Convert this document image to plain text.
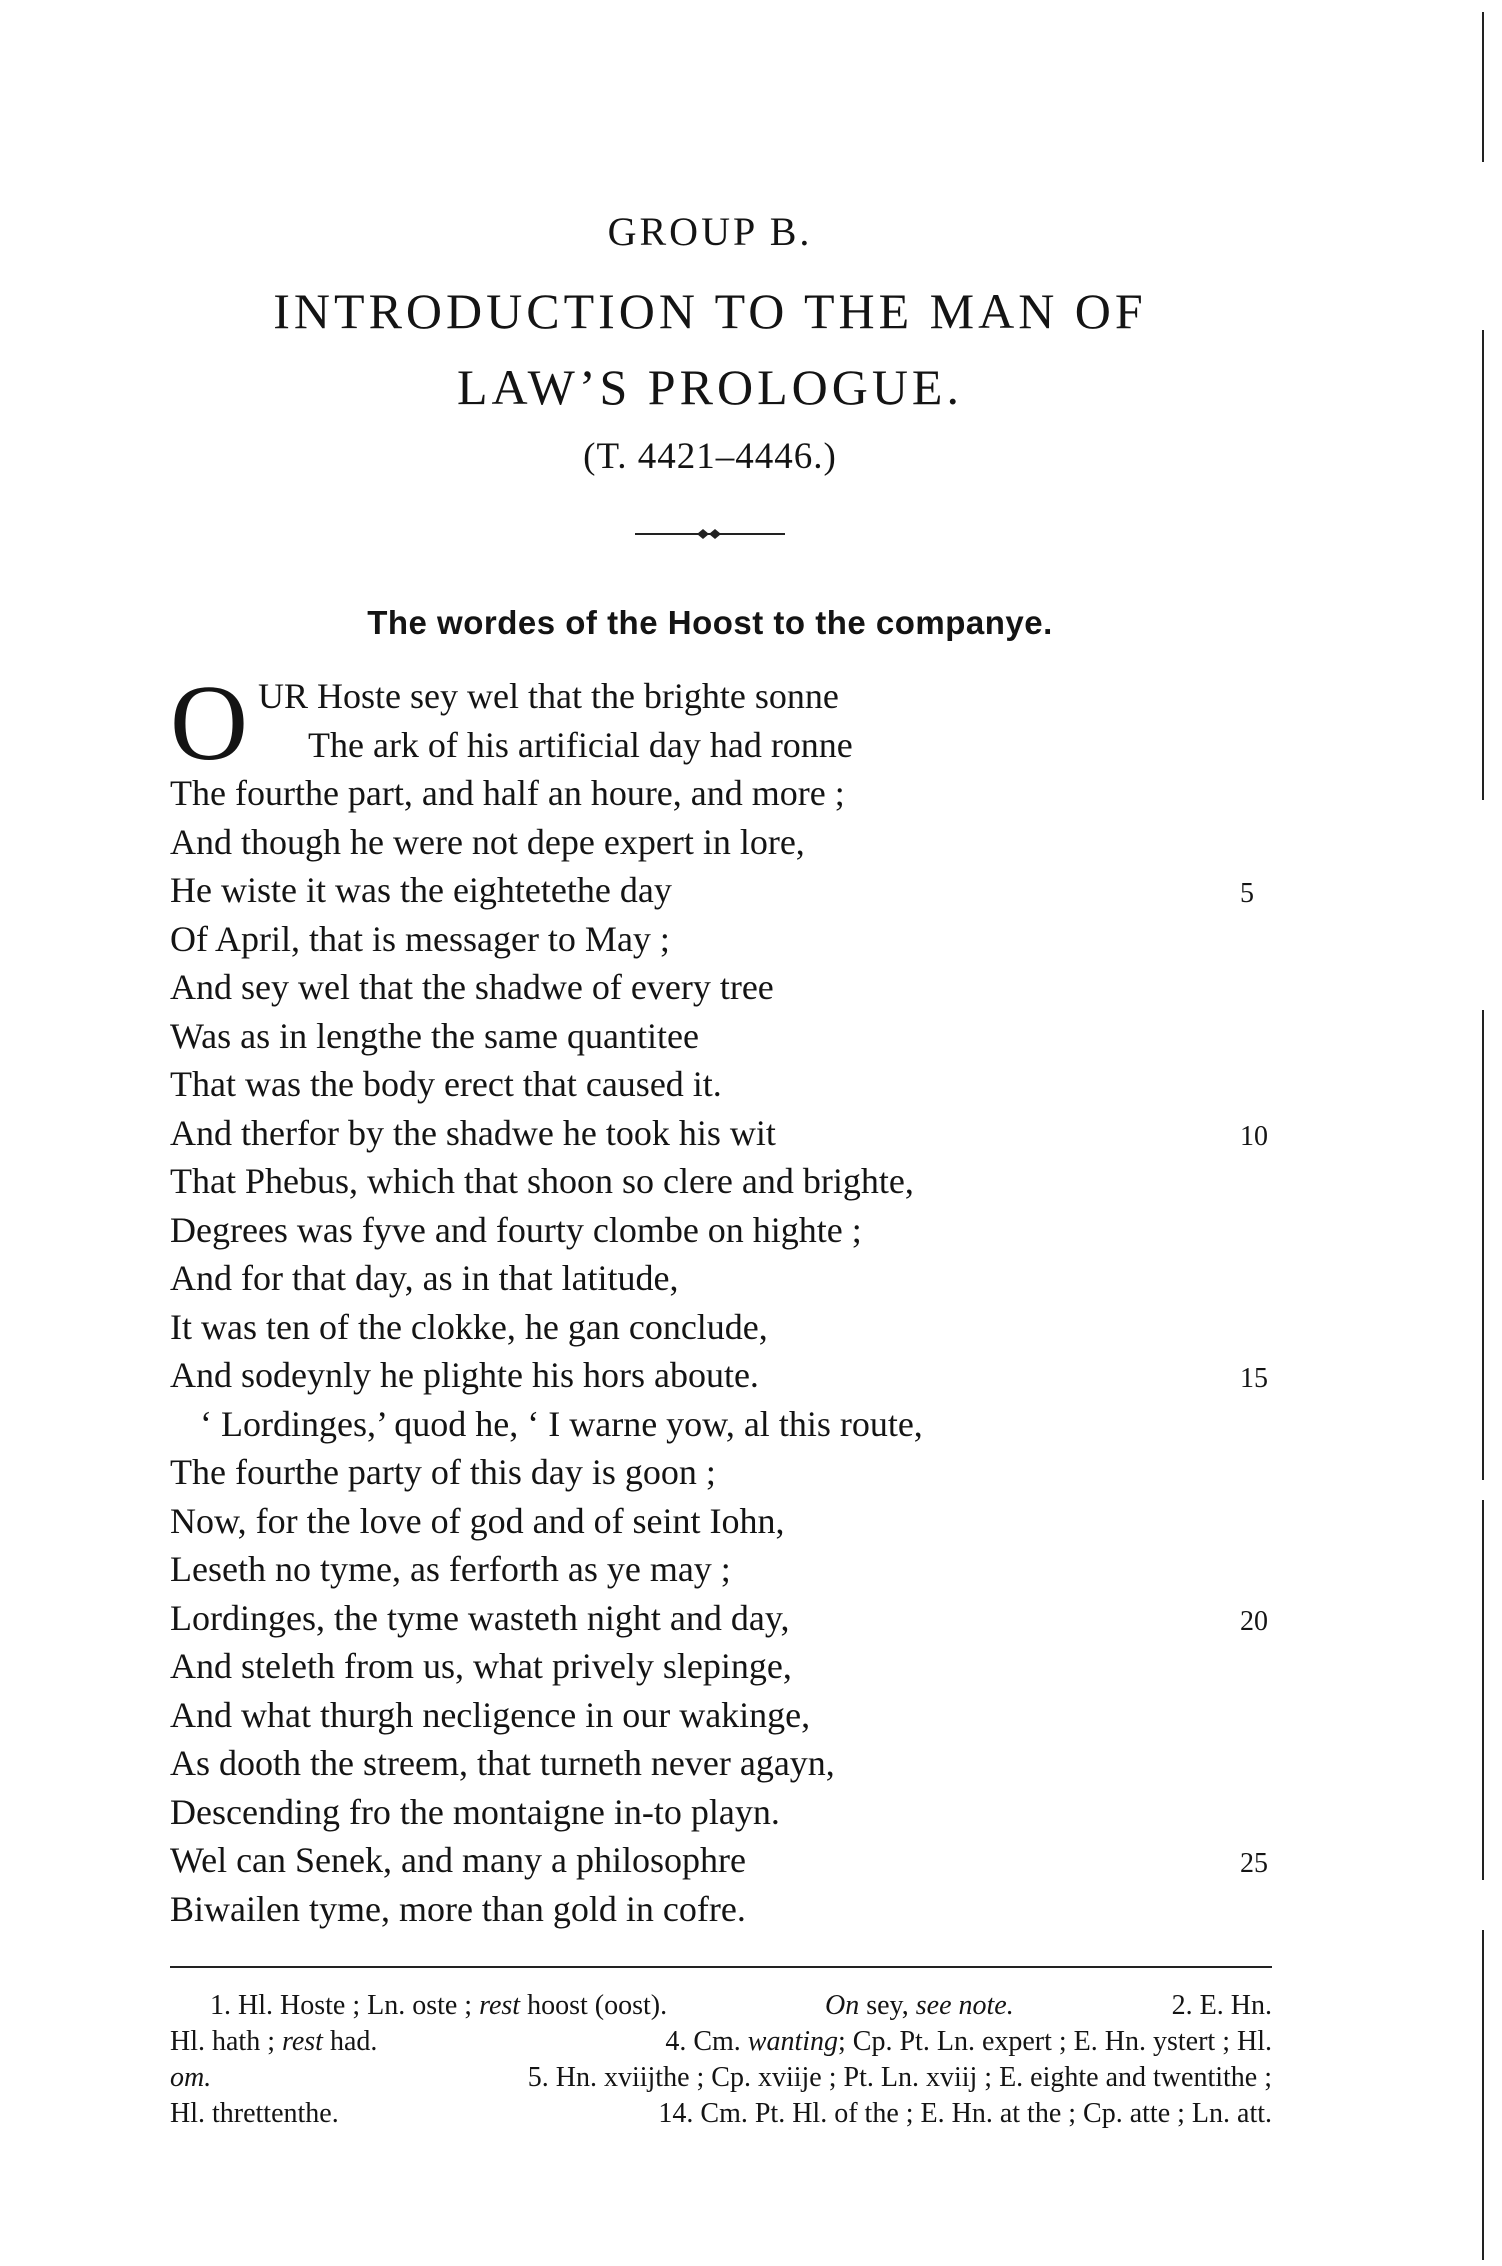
GROUP B.
INTRODUCTION TO THE MAN OF
LAW’S PROLOGUE.
(T. 4421–4446.)
The wordes of the Hoost to the companye.
O UR Hoste sey wel that the brighte sonne
The ark of his artificial day had ronne
The fourthe part, and half an houre, and more ;
And though he were not depe expert in lore,
He wiste it was the eightetethe day	5
Of April, that is messager to May ;
And sey wel that the shadwe of every tree
Was as in lengthe the same quantitee
That was the body erect that caused it.
And therfor by the shadwe he took his wit	10
That Phebus, which that shoon so clere and brighte,
Degrees was fyve and fourty clombe on highte ;
And for that day, as in that latitude,
It was ten of the clokke, he gan conclude,
And sodeynly he plighte his hors aboute.	15
‘ Lordinges,’ quod he, ‘ I warne yow, al this route,
The fourthe party of this day is goon ;
Now, for the love of god and of seint Iohn,
Leseth no tyme, as ferforth as ye may ;
Lordinges, the tyme wasteth night and day,	20
And steleth from us, what prively slepinge,
And what thurgh necligence in our wakinge,
As dooth the streem, that turneth never agayn,
Descending fro the montaigne in-to playn.
Wel can Senek, and many a philosophre	25
Biwailen tyme, more than gold in cofre.
1. Hl. Hoste ; Ln. oste ; rest hoost (oost).	On sey, see note.	2. E. Hn.
Hl. hath ; rest had.	4. Cm. wanting; Cp. Pt. Ln. expert ; E. Hn. ystert ; Hl.
om.	5. Hn. xviijthe ; Cp. xviije ; Pt. Ln. xviij ; E. eighte and twentithe ;
Hl. threttenthe.	14. Cm. Pt. Hl. of the ; E. Hn. at the ; Cp. atte ; Ln. att.
